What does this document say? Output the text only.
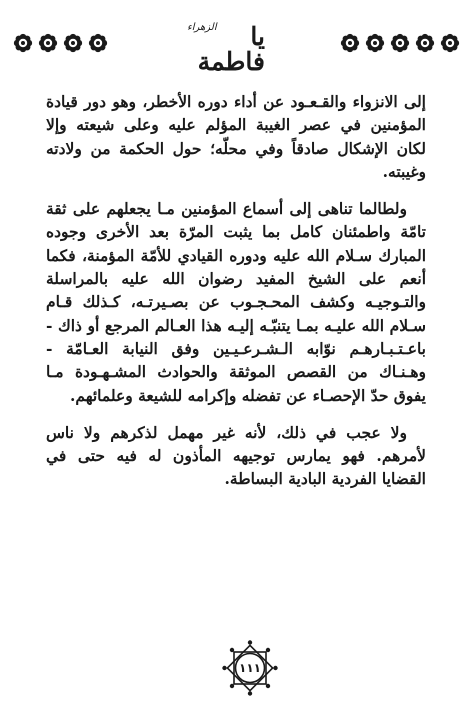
الزهراء	يا فاطمة

إلى الانزواء والقـعـود عن أداء دوره الأخطر، وهو دور قيادة المؤمنين في عصر الغيبة المؤلم عليه وعلى شيعته وإلا لكان الإشكال صادقاً وفي محلّه؛ حول الحكمة من ولادته وغيبته.

ولطالما تناهى إلى أسماع المؤمنين مـا يجعلهم على ثقة تامّة واطمئنان كامل بما يثبت المرّة بعد الأخرى وجوده المبارك سـلام الله عليه ودوره القيادي للأمّة المؤمنة، فكما أنعم على الشيخ المفيد رضوان الله عليه بالمراسلة والتـوجيـه وكشف المحـجـوب عن بصـيرتـه، كـذلك قـام سـلام الله عليـه بمـا يتنبّـه إليـه هذا العـالم المرجع أو ذاك - باعـتـبـارهـم نوّابه الـشـرعـيـين وفق النيابة العـامّة - وهـنـاك من القصص الموثقة والحوادث المشـهـودة مـا يفوق حدّ الإحصـاء عن تفضله وإكرامه للشيعة وعلمائهم.

ولا عجب في ذلك، لأنه غير مهمل لذكرهم ولا ناس لأمرهم. فهو يمارس توجيهه المأذون له فيه حتى في القضايا الفردية البادية البساطة.

١١١
